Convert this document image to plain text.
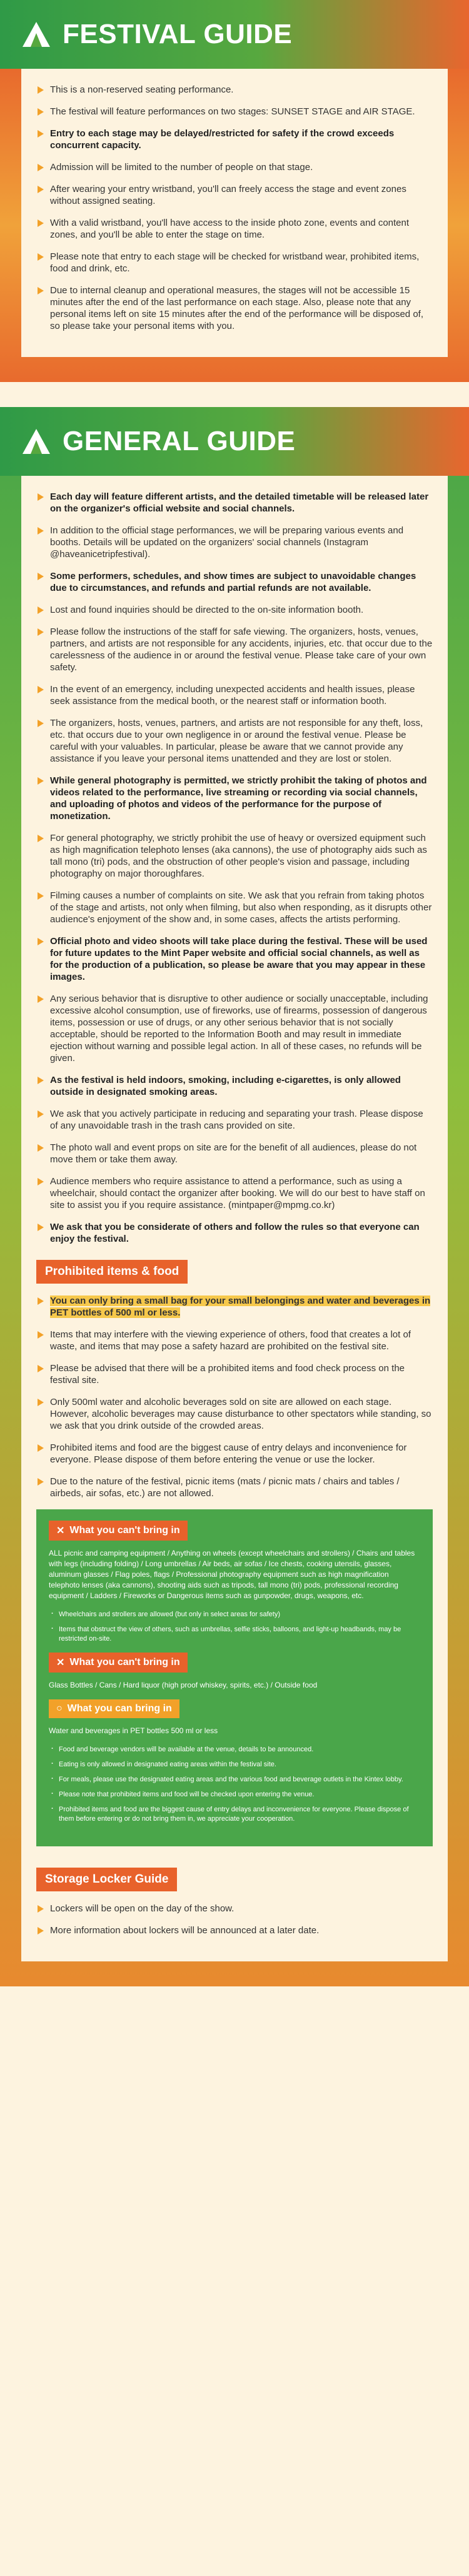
FESTIVAL GUIDE
This is a non-reserved seating performance.
The festival will feature performances on two stages: SUNSET STAGE and AIR STAGE.
Entry to each stage may be delayed/restricted for safety if the crowd exceeds concurrent capacity.
Admission will be limited to the number of people on that stage.
After wearing your entry wristband, you'll can freely access the stage and event zones without assigned seating.
With a valid wristband, you'll have access to the inside photo zone, events and content zones, and you'll be able to enter the stage on time.
Please note that entry to each stage will be checked for wristband wear, prohibited items, food and drink, etc.
Due to internal cleanup and operational measures, the stages will not be accessible 15 minutes after the end of the last performance on each stage. Also, please note that any personal items left on site 15 minutes after the end of the performance will be disposed of, so please take your personal items with you.
GENERAL GUIDE
Each day will feature different artists, and the detailed timetable will be released later on the organizer's official website and social channels.
In addition to the official stage performances, we will be preparing various events and booths. Details will be updated on the organizers' social channels (Instagram @haveanicetripfestival).
Some performers, schedules, and show times are subject to unavoidable changes due to circumstances, and refunds and partial refunds are not available.
Lost and found inquiries should be directed to the on-site information booth.
Please follow the instructions of the staff for safe viewing. The organizers, hosts, venues, partners, and artists are not responsible for any accidents, injuries, etc. that occur due to the carelessness of the audience in or around the festival venue. Please take care of your own safety.
In the event of an emergency, including unexpected accidents and health issues, please seek assistance from the medical booth, or the nearest staff or information booth.
The organizers, hosts, venues, partners, and artists are not responsible for any theft, loss, etc. that occurs due to your own negligence in or around the festival venue. Please be careful with your valuables. In particular, please be aware that we cannot provide any assistance if you leave your personal items unattended and they are lost or stolen.
While general photography is permitted, we strictly prohibit the taking of photos and videos related to the performance, live streaming or recording via social channels, and uploading of photos and videos of the performance for the purpose of monetization.
For general photography, we strictly prohibit the use of heavy or oversized equipment such as high magnification telephoto lenses (aka cannons), the use of photography aids such as tall mono (tri) pods, and the obstruction of other people's vision and passage, including photography on major thoroughfares.
Filming causes a number of complaints on site. We ask that you refrain from taking photos of the stage and artists, not only when filming, but also when responding, as it disrupts other audience's enjoyment of the show and, in some cases, affects the artists performing.
Official photo and video shoots will take place during the festival. These will be used for future updates to the Mint Paper website and official social channels, as well as for the production of a publication, so please be aware that you may appear in these images.
Any serious behavior that is disruptive to other audience or socially unacceptable, including excessive alcohol consumption, use of fireworks, use of firearms, possession of dangerous items, possession or use of drugs, or any other serious behavior that is not socially acceptable, should be reported to the Information Booth and may result in immediate ejection without warning and possible legal action. In all of these cases, no refunds will be given.
As the festival is held indoors, smoking, including e-cigarettes, is only allowed outside in designated smoking areas.
We ask that you actively participate in reducing and separating your trash. Please dispose of any unavoidable trash in the trash cans provided on site.
The photo wall and event props on site are for the benefit of all audiences, please do not move them or take them away.
Audience members who require assistance to attend a performance, such as using a wheelchair, should contact the organizer after booking. We will do our best to have staff on site to assist you if you require assistance. (mintpaper@mpmg.co.kr)
We ask that you be considerate of others and follow the rules so that everyone can enjoy the festival.
Prohibited items & food
You can only bring a small bag for your small belongings and water and beverages in PET bottles of 500 ml or less.
Items that may interfere with the viewing experience of others, food that creates a lot of waste, and items that may pose a safety hazard are prohibited on the festival site.
Please be advised that there will be a prohibited items and food check process on the festival site.
Only 500ml water and alcoholic beverages sold on site are allowed on each stage. However, alcoholic beverages may cause disturbance to other spectators while standing, so we ask that you drink outside of the crowded areas.
Prohibited items and food are the biggest cause of entry delays and inconvenience for everyone. Please dispose of them before entering the venue or use the locker.
Due to the nature of the festival, picnic items (mats / picnic mats / chairs and tables / airbeds, air sofas, etc.) are not allowed.
✕ What you can't bring in

ALL picnic and camping equipment / Anything on wheels (except wheelchairs and strollers) / Chairs and tables with legs (including folding) / Long umbrellas / Air beds, air sofas / Ice chests, cooking utensils, glasses, aluminum glasses / Flag poles, flags / Professional photography equipment such as high magnification telephoto lenses (aka cannons), shooting aids such as tripods, tall mono (tri) pods, professional recording equipment / Ladders / Fireworks or Dangerous items such as gunpowder, drugs, weapons, etc.

· Wheelchairs and strollers are allowed (but only in select areas for safety)
· Items that obstruct the view of others, such as umbrellas, selfie sticks, balloons, and light-up headbands, may be restricted on-site.
✕ What you can't bring in

Glass Bottles / Cans / Hard liquor (high proof whiskey, spirits, etc.) / Outside food

○ What you can bring in

Water and beverages in PET bottles 500 ml or less

· Food and beverage vendors will be available at the venue, details to be announced.
· Eating is only allowed in designated eating areas within the festival site.
· For meals, please use the designated eating areas and the various food and beverage outlets in the Kintex lobby.
· Please note that prohibited items and food will be checked upon entering the venue.
· Prohibited items and food are the biggest cause of entry delays and inconvenience for everyone. Please dispose of them before entering or do not bring them in, we appreciate your cooperation.
Storage Locker Guide
Lockers will be open on the day of the show.
More information about lockers will be announced at a later date.
